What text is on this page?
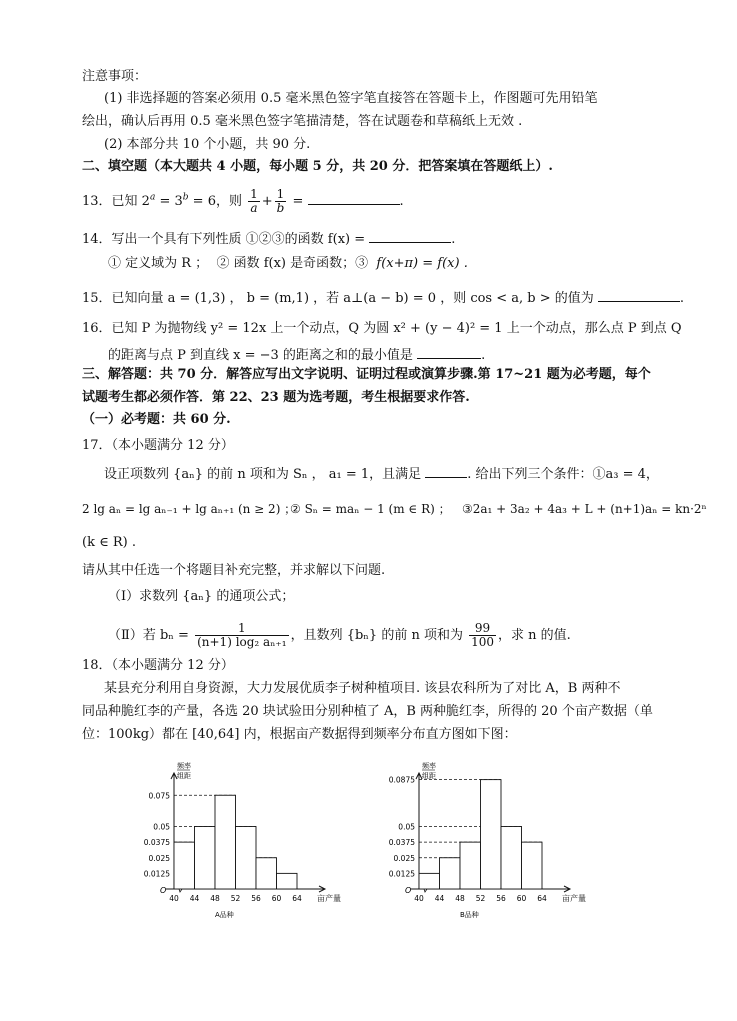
注意事项：
(1) 非选择题的答案必须用 0.5 毫米黑色签字笔直接答在答题卡上，作图题可先用铅笔
绘出，确认后再用 0.5 毫米黑色签字笔描清楚，答在试题卷和草稿纸上无效 .
(2) 本部分共 10 个小题，共 90 分.
二、填空题（本大题共 4 小题，每小题 5 分，共 20 分．把答案填在答题纸上）.
13．已知 $2^a = 3^b = 6$，则 $\frac{1}{a} + \frac{1}{b}$ =	.
14．写出一个具有下列性质 ①②③的函数 f(x) =	.
① 定义域为 R ； ② 函数 f(x) 是奇函数；③ f(x+π) = f(x) .
15．已知向量 a = (1,3) ， b = (m,1) ，若 a⊥(a − b) = 0 ，则 cos < a, b > 的值为	.
16．已知 P 为抛物线 y² = 12x 上一个动点，Q 为圆 x² + (y − 4)² = 1 上一个动点，那么点 P 到点 Q
的距离与点 P 到直线 x = −3 的距离之和的最小值是	.
三、解答题：共 70 分．解答应写出文字说明、证明过程或演算步骤.第 17~21 题为必考题，每个
试题考生都必须作答．第 22、23 题为选考题，考生根据要求作答.
（一）必考题：共 60 分.
17．（本小题满分 12 分）
设正项数列 {aₙ} 的前 n 项和为 Sₙ ， a₁ = 1，且满足	. 给出下列三个条件：①a₃ = 4，
2 lg aₙ = lg aₙ₋₁ + lg aₙ₊₁ (n ≥ 2) ；
② Sₙ = maₙ − 1 (m ∈ R) ； ③2a₁ + 3a₂ + 4a₃ + L + (n+1)aₙ = kn·2ⁿ
(k ∈ R) .
请从其中任选一个将题目补充完整，并求解以下问题.
（Ⅰ）求数列 {aₙ} 的通项公式；
（Ⅱ）若 $b_n = \frac{1}{\text{(n+1) log₂ aₙ₊₁}}$ ，且数列 {bₙ} 的前 n 项和为 $\frac{99}{100}$ ，求 n 的值.
18．（本小题满分 12 分）
某县充分利用自身资源，大力发展优质李子树种植项目. 该县农科所为了对比 A，B 两种不
同品种脆红李的产量，各选 20 块试验田分别种植了 A，B 两种脆红李，所得的 20 个亩产数据（单
位：100kg）都在 [40,64] 内，根据亩产数据得到频率分布直方图如下图：
O
频率
组距
0.075
0.05
0.0375
0.025
0.0125
40 44 48 52 56 60 64 亩产量
A品种
O
频率
组距
0.0875
0.05
0.0375
0.025
0.0125
40 44 48 52 56 60 64 亩产量
B品种
